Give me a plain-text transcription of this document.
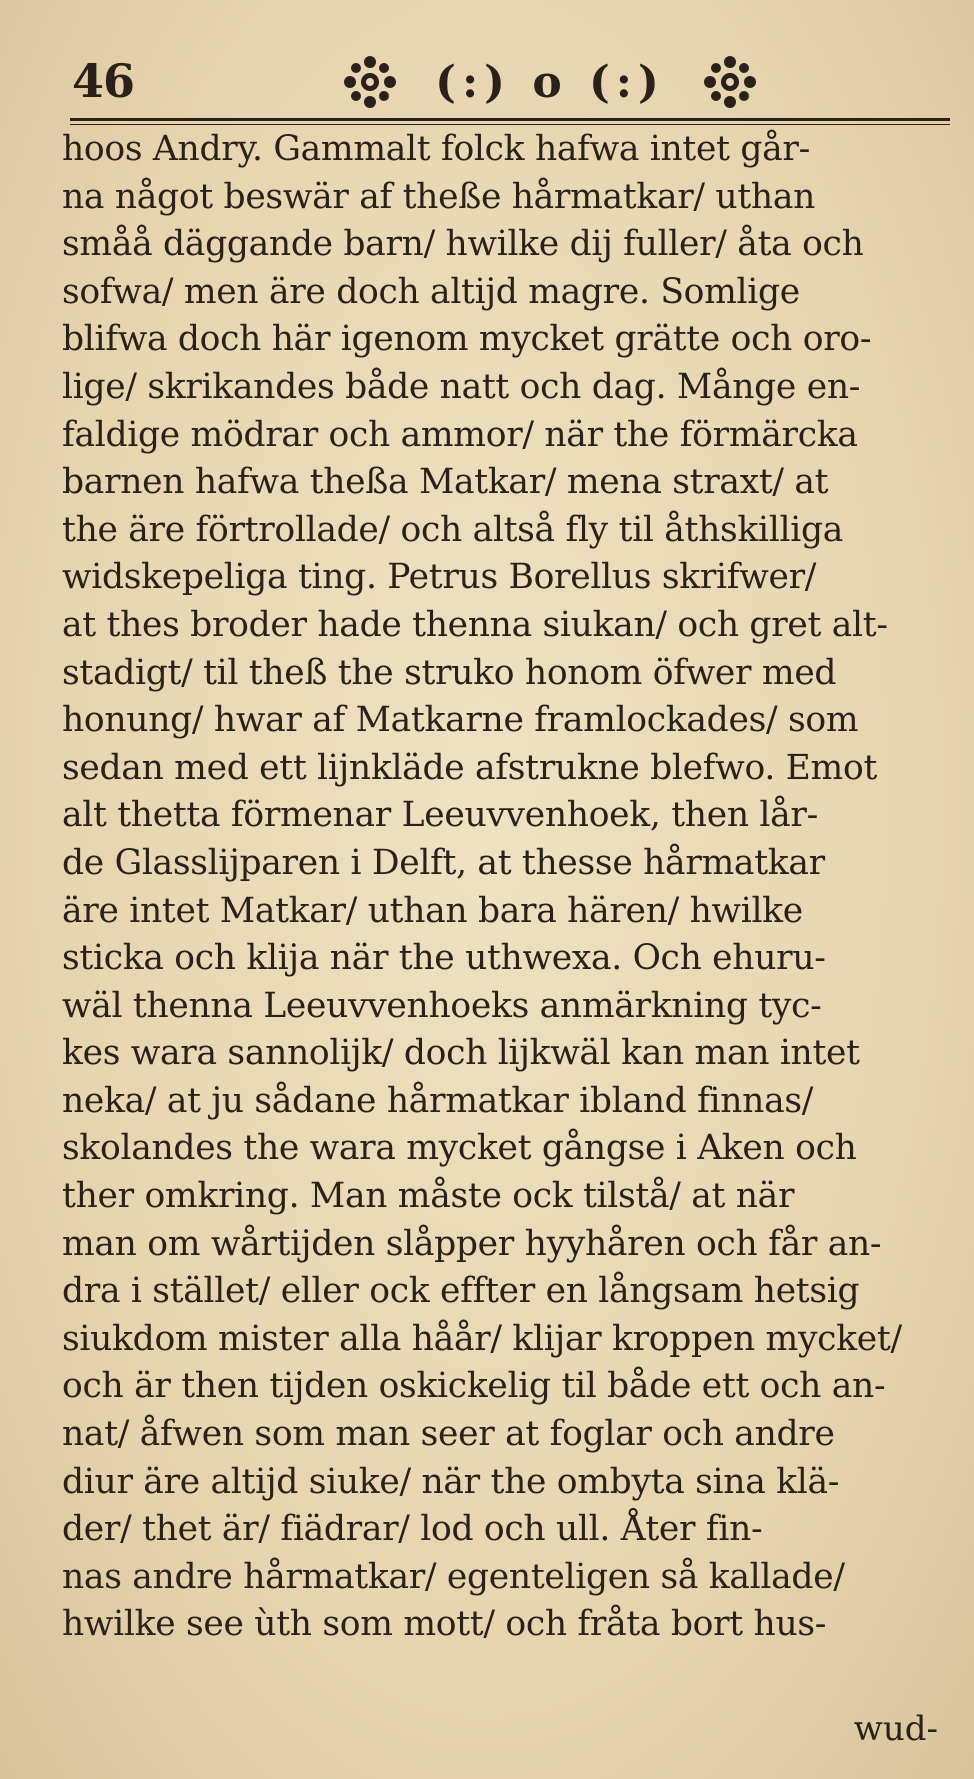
46	(:) o (:)
hoos Andry. Gammalt folck hafwa intet går-
na något beswär af theße hårmatkar/ uthan
småå däggande barn/ hwilke dij fuller/ åta och
sofwa/ men äre doch altijd magre. Somlige
blifwa doch här igenom mycket grätte och oro-
lige/ skrikandes både natt och dag. Månge en-
faldige mödrar och ammor/ när the förmärcka
barnen hafwa theßa Matkar/ mena straxt/ at
the äre förtrollade/ och altså fly til åthskilliga
widskepeliga ting. Petrus Borellus skrifwer/
at thes broder hade thenna siukan/ och gret alt-
stadigt/ til theß the struko honom öfwer med
honung/ hwar af Matkarne framlockades/ som
sedan med ett lijnkläde afstrukne blefwo. Emot
alt thetta förmenar Leeuvvenhoek, then lår-
de Glasslijparen i Delft, at thesse hårmatkar
äre intet Matkar/ uthan bara hären/ hwilke
sticka och klija när the uthwexa. Och ehuru-
wäl thenna Leeuvvenhoeks anmärkning tyc-
kes wara sannolijk/ doch lijkwäl kan man intet
neka/ at ju sådane hårmatkar ibland finnas/
skolandes the wara mycket gångse i Aken och
ther omkring. Man måste ock tilstå/ at när
man om wårtijden slåpper hyyhåren och får an-
dra i stället/ eller ock effter en långsam hetsig
siukdom mister alla håår/ klijar kroppen mycket/
och är then tijden oskickelig til både ett och an-
nat/ åfwen som man seer at foglar och andre
diur äre altijd siuke/ när the ombyta sina klä-
der/ thet är/ fiädrar/ lod och ull. Åter fin-
nas andre hårmatkar/ egenteligen så kallade/
hwilke see ùth som mott/ och fråta bort hus-
wud-
